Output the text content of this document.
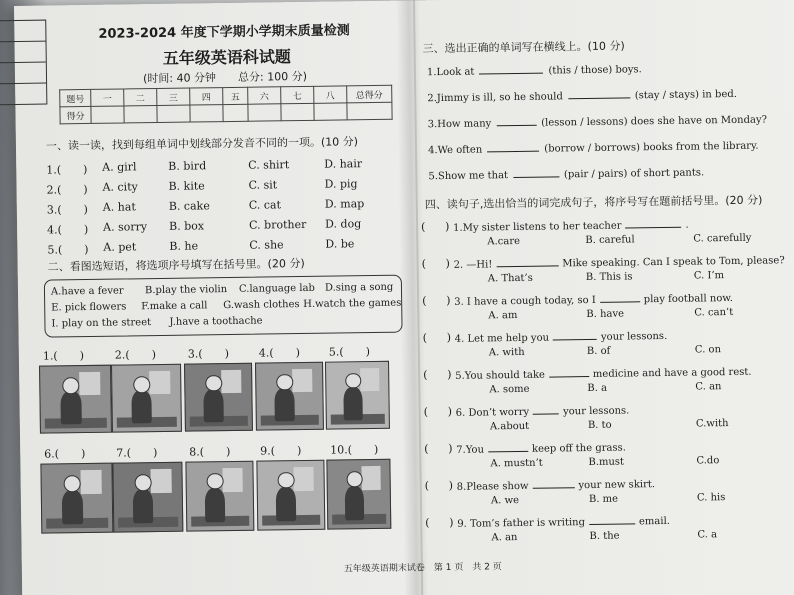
2023-2024 年度下学期小学期末质量检测
五年级英语科试题
(时间: 40 分钟　　总分: 100 分)
题号	一	二	三	四	五	六	七	八	总得分
得分									
一、读一读，找到每组单词中划线部分发音不同的一项。(10 分)
1.(　　) A. girl	B. bird	C. shirt	D. hair
2.(　　) A. city	B. kite	C. sit	D. pig
3.(　　) A. hat	B. cake	C. cat	D. map
4.(　　) A. sorry B. box	C. brother D. dog
5.(　　) A. pet	B. he	C. she	D. be
二、看图选短语，将选项序号填写在括号里。(20 分)
A.have a fever B.play the violin C.language lab D.sing a song
E. pick flowers F.make a call G.wash clothes H.watch the games
I. play on the street J.have a toothache
1.(　　)	2.(　　)	3.(　　)	4.(　　)	5.(　　)
6.(　　)	7.(　　)	8.(　　)	9.(　　)	10.(　　)
三、选出正确的单词写在横线上。(10 分)
1.Look at	(this / those) boys.
2.Jimmy is ill, so he should	(stay / stays) in bed.
3.How many	(lesson / lessons) does she have on Monday?
4.We often	(borrow / borrows) books from the library.
5.Show me that	(pair / pairs) of short pants.
四、读句子,选出恰当的词完成句子，将序号写在题前括号里。(20 分)
( ) 1.My sister listens to her teacher	.
A.care	B. careful	C. carefully
( ) 2. —Hi!	Mike speaking. Can I speak to Tom, please?
A. That’s	B. This is	C. I’m
( ) 3. I have a cough today, so I	play football now.
A. am	B. have	C. can’t
( ) 4. Let me help you	your lessons.
A. with	B. of	C. on
( ) 5.You should take	medicine and have a good rest.
A. some	B. a	C. an
( ) 6. Don’t worry	your lessons.
A.about	B. to	C.with
( ) 7.You	keep off the grass.
A. mustn’t	B.must	C.do
( ) 8.Please show	your new skirt.
A. we	B. me	C. his
( ) 9. Tom’s father is writing	email.
A. an	B. the	C. a
五年级英语期末试卷　第 1 页　共 2 页
